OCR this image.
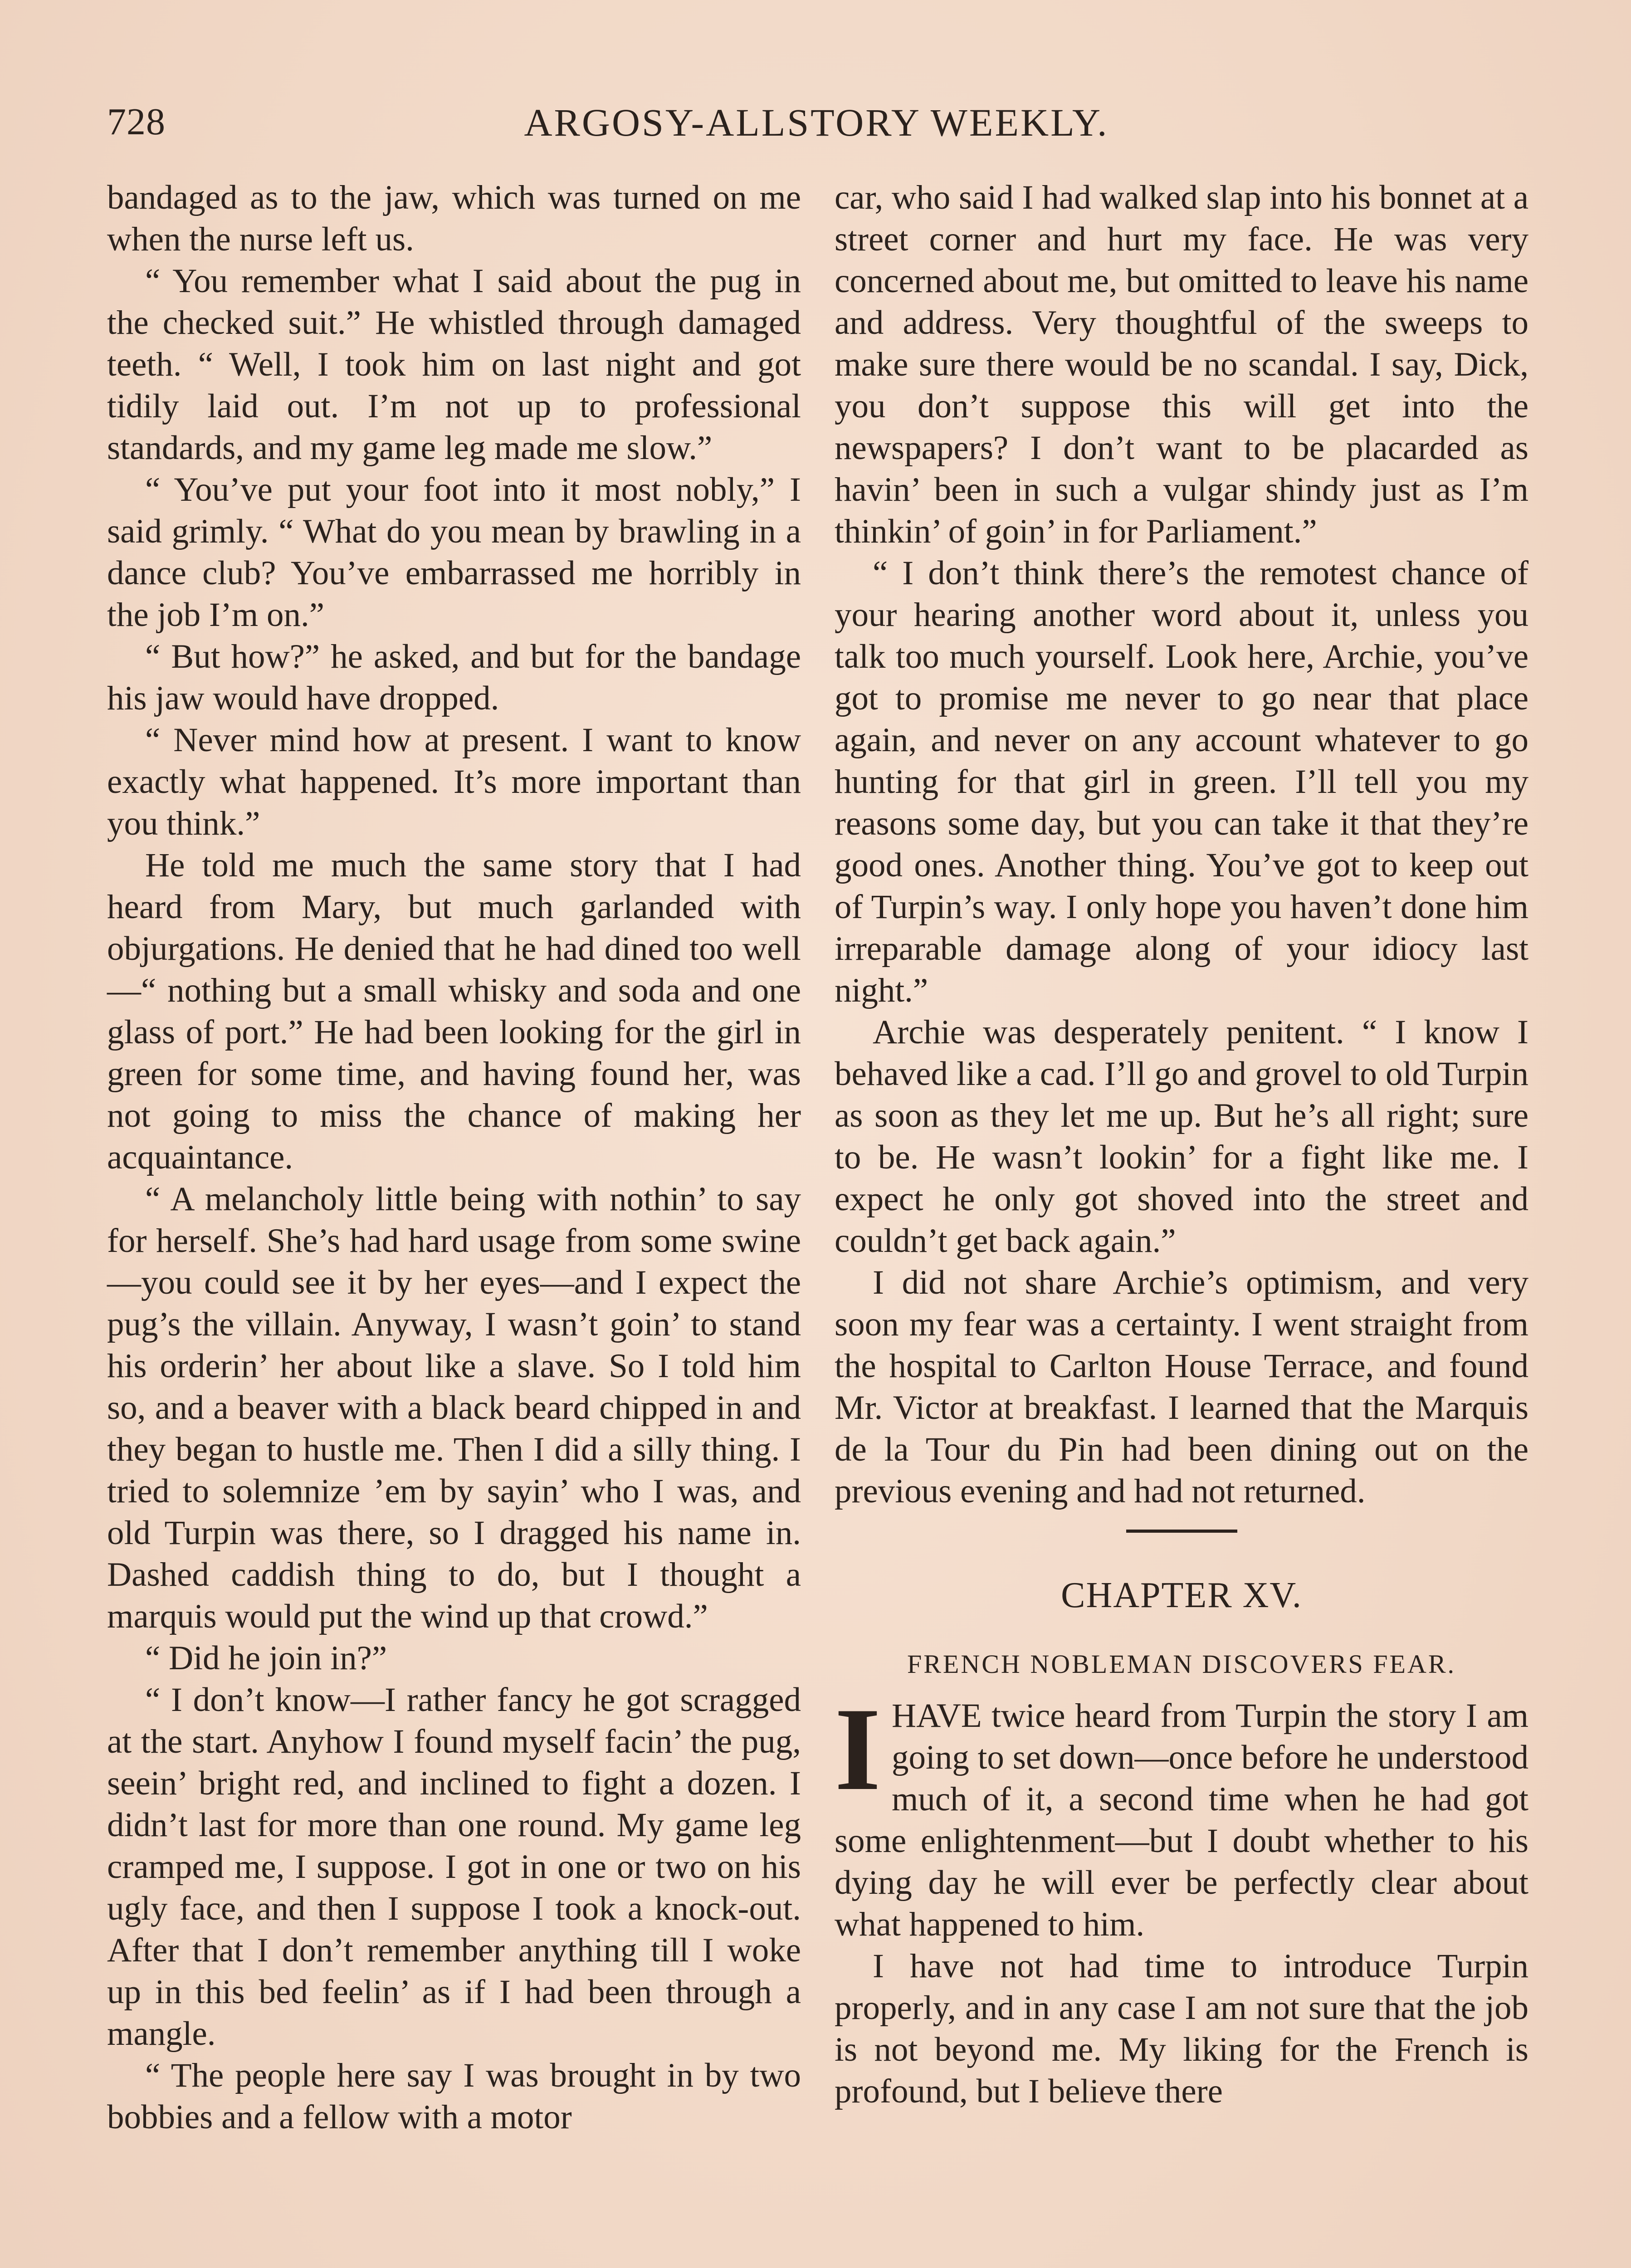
728	ARGOSY-ALLSTORY WEEKLY.

bandaged as to the jaw, which was turned on me when the nurse left us.

“ You remember what I said about the pug in the checked suit.” He whistled through damaged teeth. “ Well, I took him on last night and got tidily laid out. I’m not up to professional standards, and my game leg made me slow.”

“ You’ve put your foot into it most nobly,” I said grimly. “ What do you mean by brawling in a dance club? You’ve embarrassed me horribly in the job I’m on.”

“ But how?” he asked, and but for the bandage his jaw would have dropped.

“ Never mind how at present. I want to know exactly what happened. It’s more important than you think.”

He told me much the same story that I had heard from Mary, but much garlanded with objurgations. He denied that he had dined too well—“ nothing but a small whisky and soda and one glass of port.” He had been looking for the girl in green for some time, and having found her, was not going to miss the chance of making her acquaintance.

“ A melancholy little being with nothin’ to say for herself. She’s had hard usage from some swine—you could see it by her eyes—and I expect the pug’s the villain. Anyway, I wasn’t goin’ to stand his orderin’ her about like a slave. So I told him so, and a beaver with a black beard chipped in and they began to hustle me. Then I did a silly thing. I tried to solemnize ’em by sayin’ who I was, and old Turpin was there, so I dragged his name in. Dashed caddish thing to do, but I thought a marquis would put the wind up that crowd.”

“ Did he join in?”

“ I don’t know—I rather fancy he got scragged at the start. Anyhow I found myself facin’ the pug, seein’ bright red, and inclined to fight a dozen. I didn’t last for more than one round. My game leg cramped me, I suppose. I got in one or two on his ugly face, and then I suppose I took a knock-out. After that I don’t remember anything till I woke up in this bed feelin’ as if I had been through a mangle.

“ The people here say I was brought in by two bobbies and a fellow with a motor

car, who said I had walked slap into his bonnet at a street corner and hurt my face. He was very concerned about me, but omitted to leave his name and address. Very thoughtful of the sweeps to make sure there would be no scandal. I say, Dick, you don’t suppose this will get into the newspapers? I don’t want to be placarded as havin’ been in such a vulgar shindy just as I’m thinkin’ of goin’ in for Parliament.”

“ I don’t think there’s the remotest chance of your hearing another word about it, unless you talk too much yourself. Look here, Archie, you’ve got to promise me never to go near that place again, and never on any account whatever to go hunting for that girl in green. I’ll tell you my reasons some day, but you can take it that they’re good ones. Another thing. You’ve got to keep out of Turpin’s way. I only hope you haven’t done him irreparable damage along of your idiocy last night.”

Archie was desperately penitent. “ I know I behaved like a cad. I’ll go and grovel to old Turpin as soon as they let me up. But he’s all right; sure to be. He wasn’t lookin’ for a fight like me. I expect he only got shoved into the street and couldn’t get back again.”

I did not share Archie’s optimism, and very soon my fear was a certainty. I went straight from the hospital to Carlton House Terrace, and found Mr. Victor at breakfast. I learned that the Marquis de la Tour du Pin had been dining out on the previous evening and had not returned.

CHAPTER XV.
FRENCH NOBLEMAN DISCOVERS FEAR.

IHAVE twice heard from Turpin the story I am going to set down—once before he understood much of it, a second time when he had got some enlightenment—but I doubt whether to his dying day he will ever be perfectly clear about what happened to him.

I have not had time to introduce Turpin properly, and in any case I am not sure that the job is not beyond me. My liking for the French is profound, but I believe there
